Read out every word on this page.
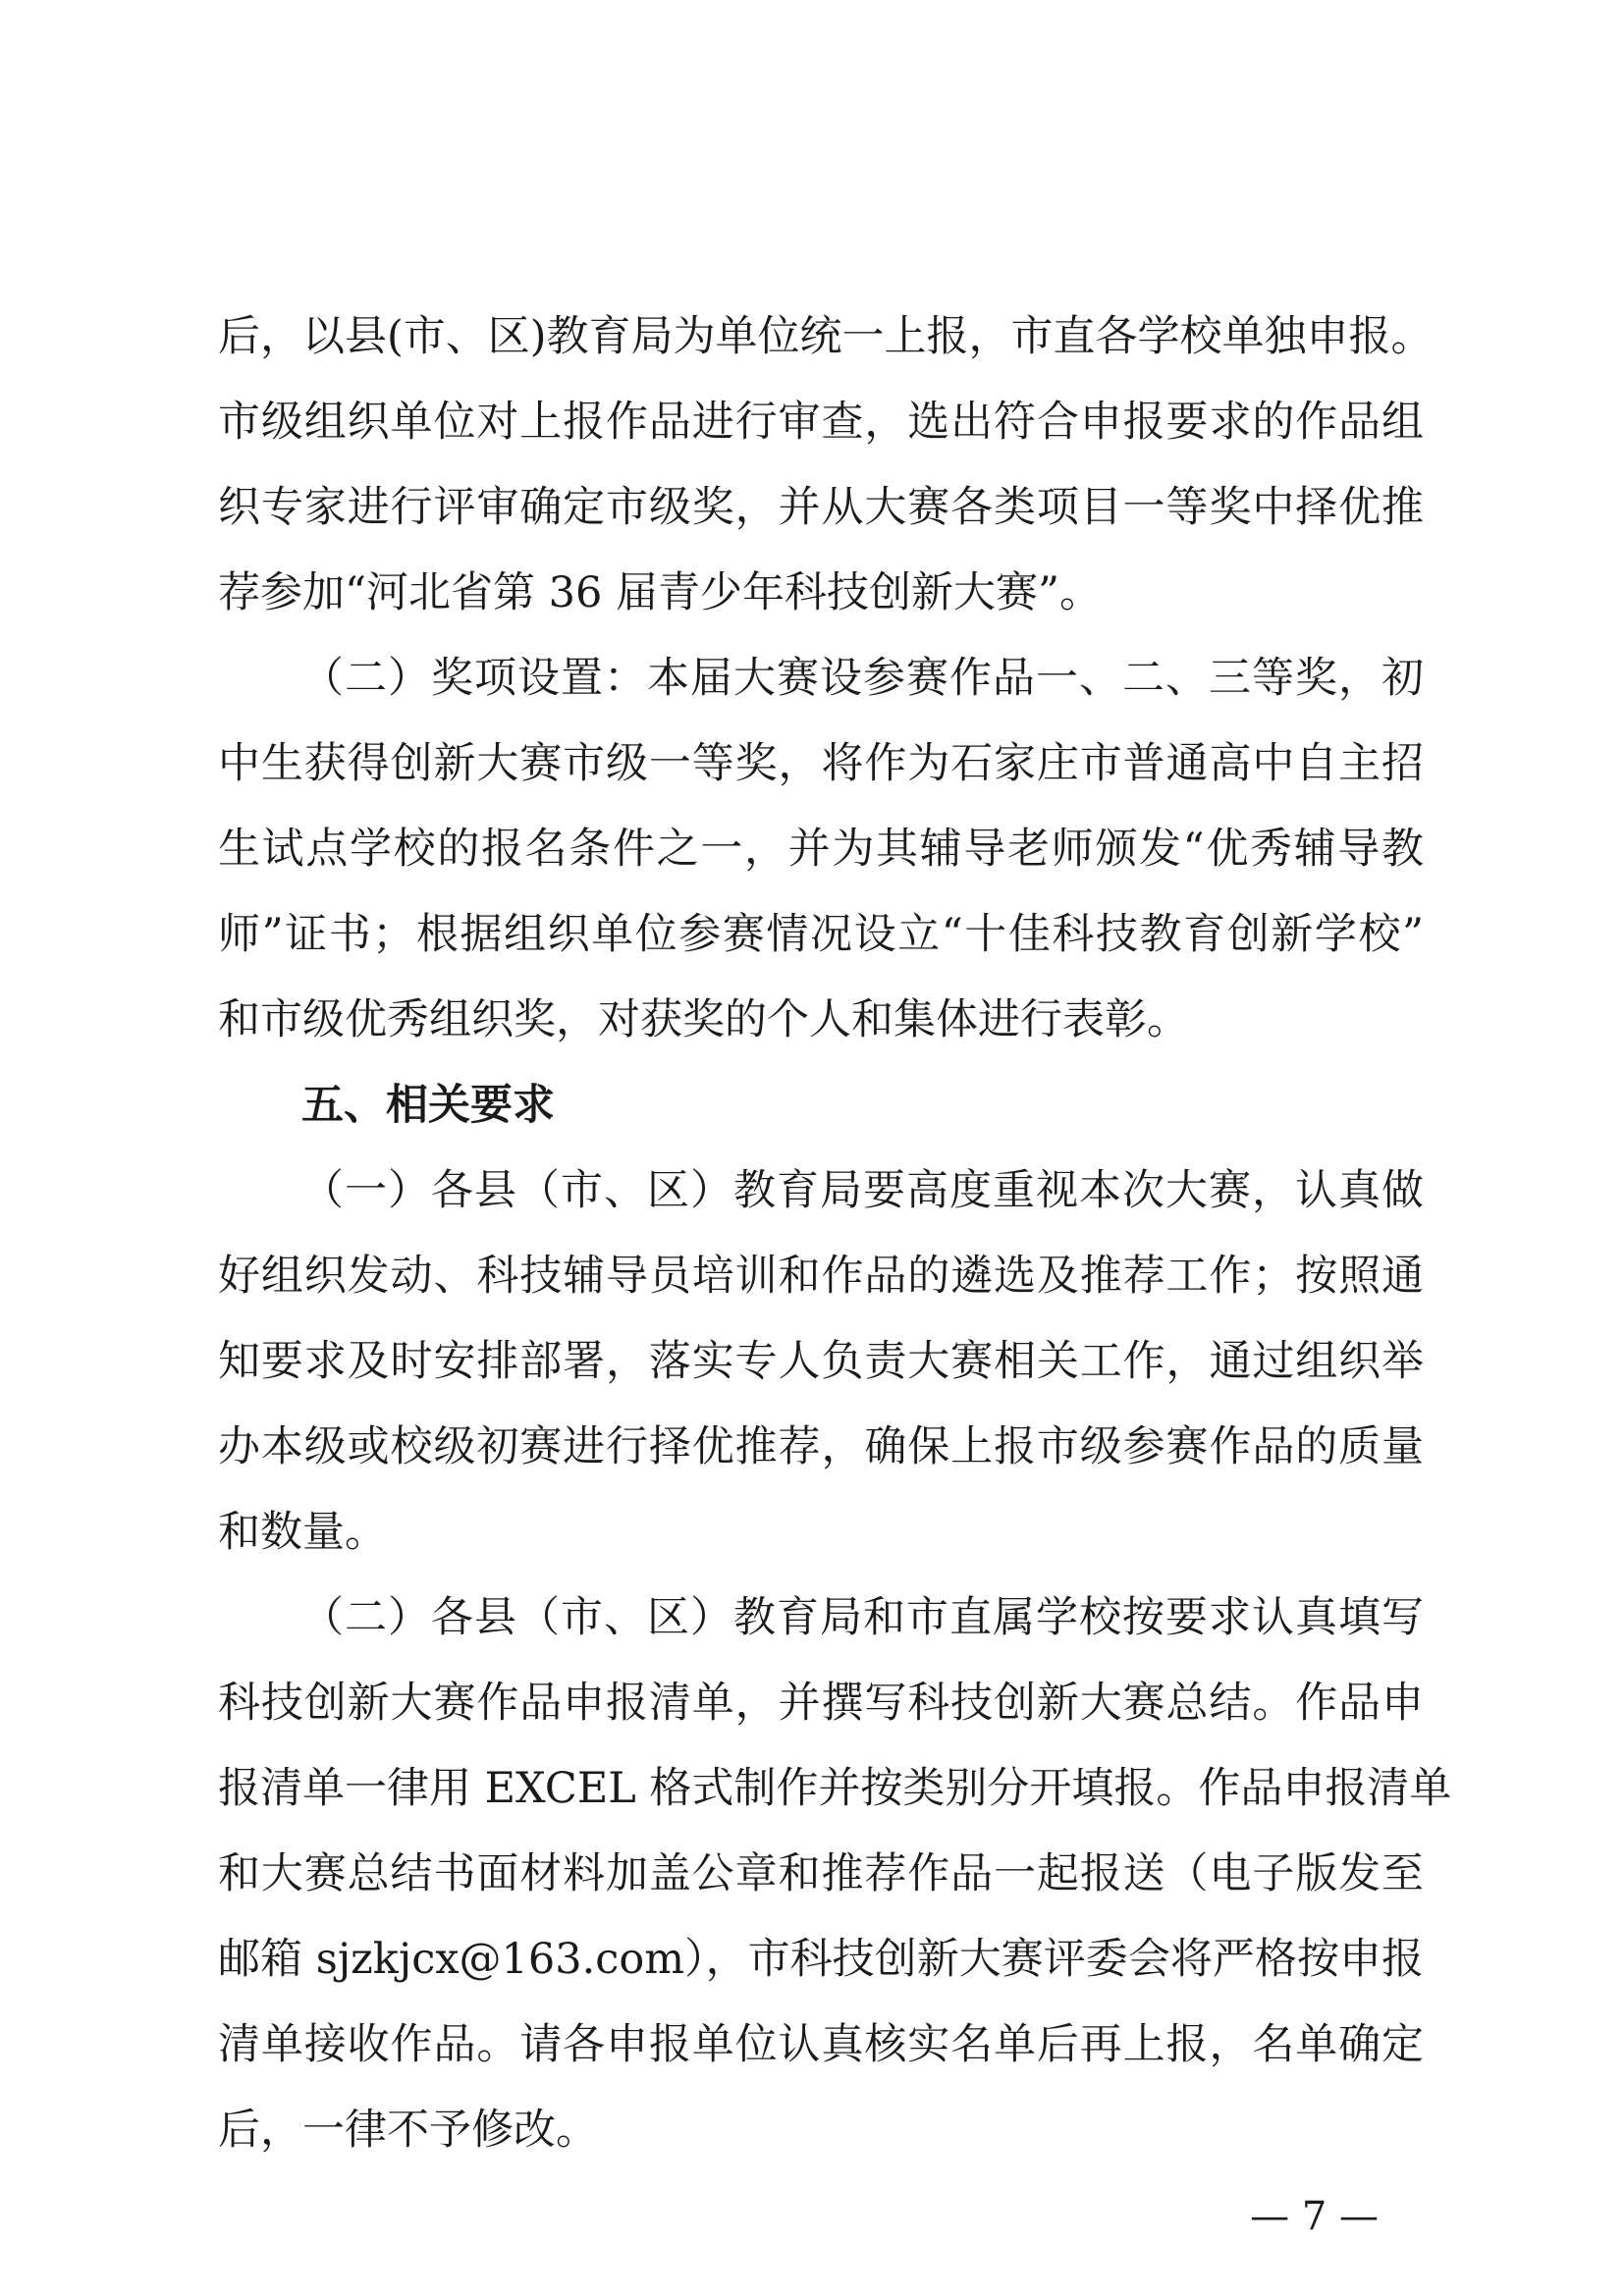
后，以县(市、区)教育局为单位统一上报，市直各学校单独申报。
市级组织单位对上报作品进行审查，选出符合申报要求的作品组
织专家进行评审确定市级奖，并从大赛各类项目一等奖中择优推
荐参加“河北省第 36 届青少年科技创新大赛”。
（二）奖项设置：本届大赛设参赛作品一、二、三等奖，初
中生获得创新大赛市级一等奖，将作为石家庄市普通高中自主招
生试点学校的报名条件之一，并为其辅导老师颁发“优秀辅导教
师”证书；根据组织单位参赛情况设立“十佳科技教育创新学校”
和市级优秀组织奖，对获奖的个人和集体进行表彰。
五、相关要求
（一）各县（市、区）教育局要高度重视本次大赛，认真做
好组织发动、科技辅导员培训和作品的遴选及推荐工作；按照通
知要求及时安排部署，落实专人负责大赛相关工作，通过组织举
办本级或校级初赛进行择优推荐，确保上报市级参赛作品的质量
和数量。
（二）各县（市、区）教育局和市直属学校按要求认真填写
科技创新大赛作品申报清单，并撰写科技创新大赛总结。作品申
报清单一律用 EXCEL 格式制作并按类别分开填报。作品申报清单
和大赛总结书面材料加盖公章和推荐作品一起报送（电子版发至
邮箱 sjzkjcx@163.com），市科技创新大赛评委会将严格按申报
清单接收作品。请各申报单位认真核实名单后再上报，名单确定
后，一律不予修改。
— 7 —
